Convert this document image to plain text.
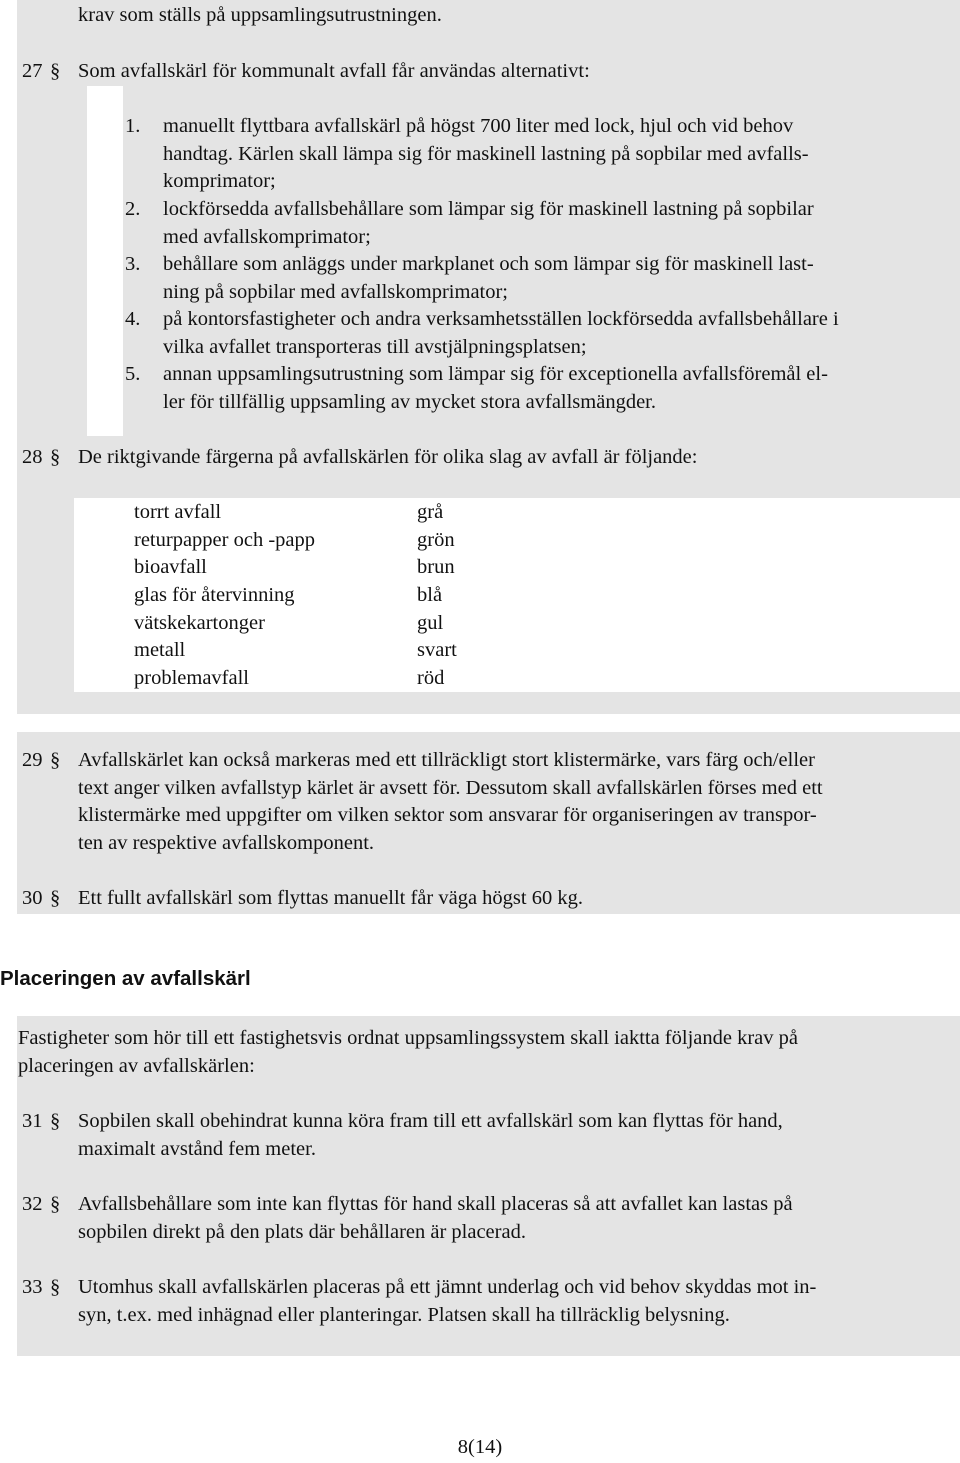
krav som ställs på uppsamlingsutrustningen.
27 § Som avfallskärl för kommunalt avfall får användas alternativt:
1. manuellt flyttbara avfallskärl på högst 700 liter med lock, hjul och vid behov
handtag. Kärlen skall lämpa sig för maskinell lastning på sopbilar med avfalls-
komprimator;
2. lockförsedda avfallsbehållare som lämpar sig för maskinell lastning på sopbilar
med avfallskomprimator;
3. behållare som anläggs under markplanet och som lämpar sig för maskinell last-
ning på sopbilar med avfallskomprimator;
4. på kontorsfastigheter och andra verksamhetsställen lockförsedda avfallsbehållare i
vilka avfallet transporteras till avstjälpningsplatsen;
5. annan uppsamlingsutrustning som lämpar sig för exceptionella avfallsföremål el-
ler för tillfällig uppsamling av mycket stora avfallsmängder.
28 § De riktgivande färgerna på avfallskärlen för olika slag av avfall är följande:
torrt avfall	grå
returpapper och -papp	grön
bioavfall	brun
glas för återvinning	blå
vätskekartonger	gul
metall	svart
problemavfall	röd
29 § Avfallskärlet kan också markeras med ett tillräckligt stort klistermärke, vars färg och/eller
text anger vilken avfallstyp kärlet är avsett för. Dessutom skall avfallskärlen förses med ett
klistermärke med uppgifter om vilken sektor som ansvarar för organiseringen av transpor-
ten av respektive avfallskomponent.
30 § Ett fullt avfallskärl som flyttas manuellt får väga högst 60 kg.
Placeringen av avfallskärl
Fastigheter som hör till ett fastighetsvis ordnat uppsamlingssystem skall iaktta följande krav på
placeringen av avfallskärlen:
31 § Sopbilen skall obehindrat kunna köra fram till ett avfallskärl som kan flyttas för hand,
maximalt avstånd fem meter.
32 § Avfallsbehållare som inte kan flyttas för hand skall placeras så att avfallet kan lastas på
sopbilen direkt på den plats där behållaren är placerad.
33 § Utomhus skall avfallskärlen placeras på ett jämnt underlag och vid behov skyddas mot in-
syn, t.ex. med inhägnad eller planteringar. Platsen skall ha tillräcklig belysning.
8(14)
